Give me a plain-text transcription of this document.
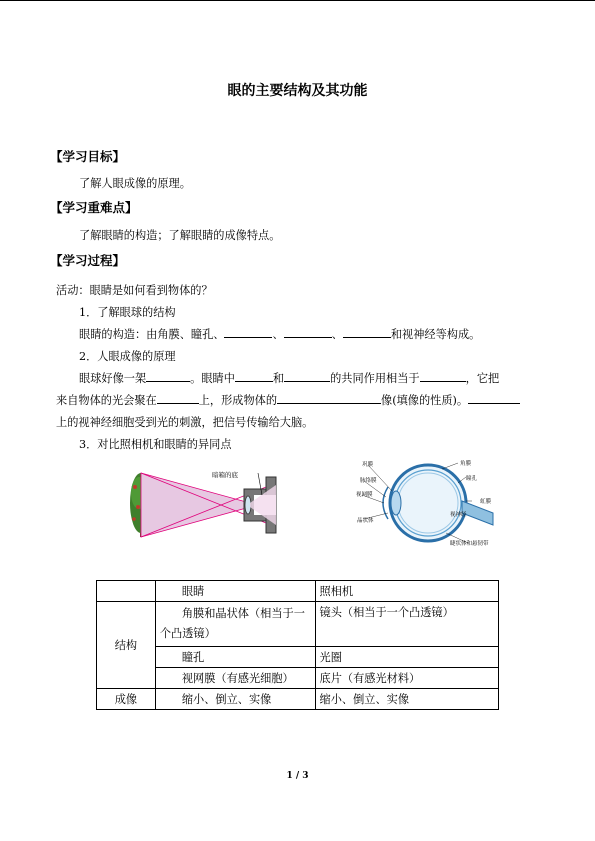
眼的主要结构及其功能
【学习目标】
了解人眼成像的原理。
【学习重难点】
了解眼睛的构造；了解眼睛的成像特点。
【学习过程】
活动：眼睛是如何看到物体的？
1．了解眼球的结构
眼睛的构造：由角膜、瞳孔、	、	、	和视神经等构成。
2．人眼成像的原理
眼球好像一架	。眼睛中	和	的共同作用相当于	，它把
来自物体的光会聚在	上，形成物体的	像(填像的性质)。
上的视神经细胞受到光的刺激，把信号传输给大脑。
3．对比照相机和眼睛的异同点
暗箱的底
巩膜
脉络膜
视网膜
晶状体
角膜
瞳孔
虹膜
视神经
睫状体和悬韧带
	眼睛	照相机
结构	角膜和晶状体（相当于一个凸透镜）	镜头（相当于一个凸透镜）
	瞳孔	光圈
	视网膜（有感光细胞）	底片（有感光材料）
成像	缩小、倒立、实像	缩小、倒立、实像
1 / 3
